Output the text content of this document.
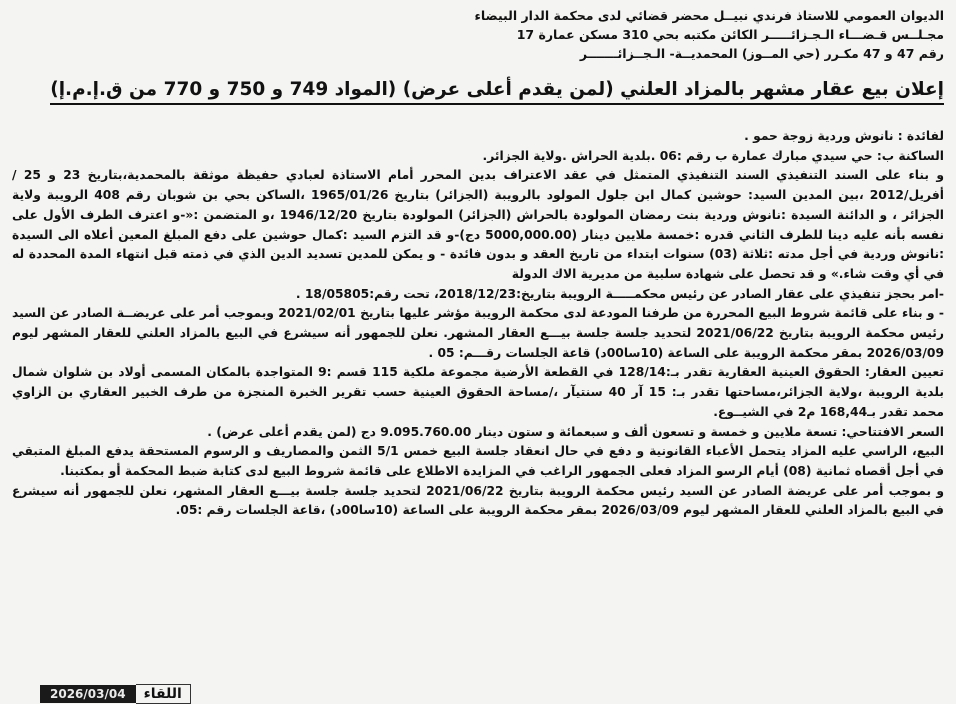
الديوان العمومي للاستاذ فرندي نبيــل محضر قضائي لدى محكمة الدار البيضاء
مجـلــس قـضـــاء الـجـزائـــــر الكائن مكتبه بحي 310 مسكن عمارة 17
رقم 47 و 47 مكـرر (حي المــوز) المحمديــة- الـجــزائـــــــر
إعلان بيع عقار مشهر بالمزاد العلني (لمن يقدم أعلى عرض) (المواد 749 و 750 و 770 من ق.إ.م.إ)

لفائدة : نانوش وردية زوجة حمو .

الساكنة ب: حي سيدي مبارك عمارة ب رقم :06 .بلدية الحراش .ولاية الجزائر.

و بناء على السند التنفيذي السند التنفيذي المتمثل في عقد الاعتراف بدين المحرر أمام الاستاذة لعبادي حفيظة موثقة بالمحمدية،بتاريخ 23 و 25 /أفريل/2012 ،بين المدين السيد: حوشين كمال ابن جلول المولود بالرويبة (الجزائر) بتاريخ 1965/01/26 ،الساكن بحي بن شوبان رقم 408 الرويبة ولاية الجزائر ، و الدائنة السيدة :نانوش وردية بنت رمضان المولودة بالحراش (الجزائر) المولودة بتاريخ 1946/12/20 ،و المتضمن :«-و اعترف الطرف الأول على نفسه بأنه عليه دينا للطرف الثاني قدره :خمسة ملايين دينار (5000,000.00 دج)-و قد التزم السيد :كمال حوشين على دفع المبلغ المعين أعلاه الى السيدة :نانوش وردية في أجل مدته :ثلاثة (03) سنوات ابتداء من تاريخ العقد و بدون فائدة - و يمكن للمدين تسديد الدين الذي في ذمته قبل انتهاء المدة المحددة له في أي وقت شاء.» و قد تحصل على شهادة سلبية من مديرية الاك الدولة

-امر بحجز تنفيذي على عقار الصادر عن رئيس محكمـــــة الرويبة بتاريخ:2018/12/23، تحت رقم:18/05805 .

- و بناء على قائمة شروط البيع المحررة من طرفنا المودعة لدى محكمة الرويبة مؤشر عليها بتاريخ 2021/02/01 وبموجب أمر على عريضــة الصادر عن السيد رئيس محكمة الرويبة بتاريخ 2021/06/22 لتحديد جلسة جلسة بيـــع العقار المشهر. نعلن للجمهور أنه سيشرع في البيع بالمزاد العلني للعقار المشهر ليوم 2026/03/09 بمقر محكمة الرويبة على الساعة (10سا00د) قاعة الجلسات رقـــم: 05 .

تعيين العقار: الحقوق العينية العقارية تقدر بـ:128/14 في القطعة الأرضية مجموعة ملكية 115 قسم :9 المتواجدة بالمكان المسمى أولاد بن شلوان شمال بلدية الرويبة ،ولاية الجزائر،مساحتها تقدر بـ: 15 آر 40 سنتيآر ،/مساحة الحقوق العينية حسب تقرير الخبرة المنجزة من طرف الخبير العقاري بن الزاوي محمد تقدر بـ168,44 م2 في الشيــوع.

السعر الافتتاحي: تسعة ملايين و خمسة و تسعون ألف و سبعمائة و ستون دينار 9.095.760.00 دج (لمن يقدم أعلى عرض) .

البيع، الراسي عليه المزاد يتحمل الأعباء القانونية و دفع في حال انعقاد جلسة البيع خمس 5/1 الثمن والمصاريف و الرسوم المستحقة يدفع المبلغ المتبقي في أجل أقصاه ثمانية (08) أيام الرسو المزاد فعلى الجمهور الراغب في المزايدة الاطلاع على قائمة شروط البيع لدى كتابة ضبط المحكمة أو بمكتبنا.

و بموجب أمر على عريضة الصادر عن السيد رئيس محكمة الرويبة بتاريخ 2021/06/22 لتحديد جلسة جلسة بيـــع العقار المشهر، نعلن للجمهور أنه سيشرع في البيع بالمزاد العلني للعقار المشهر ليوم 2026/03/09 بمقر محكمة الرويبة على الساعة (10سا00د) ،قاعة الجلسات رقم :05.

2026/03/04	اللقاء
